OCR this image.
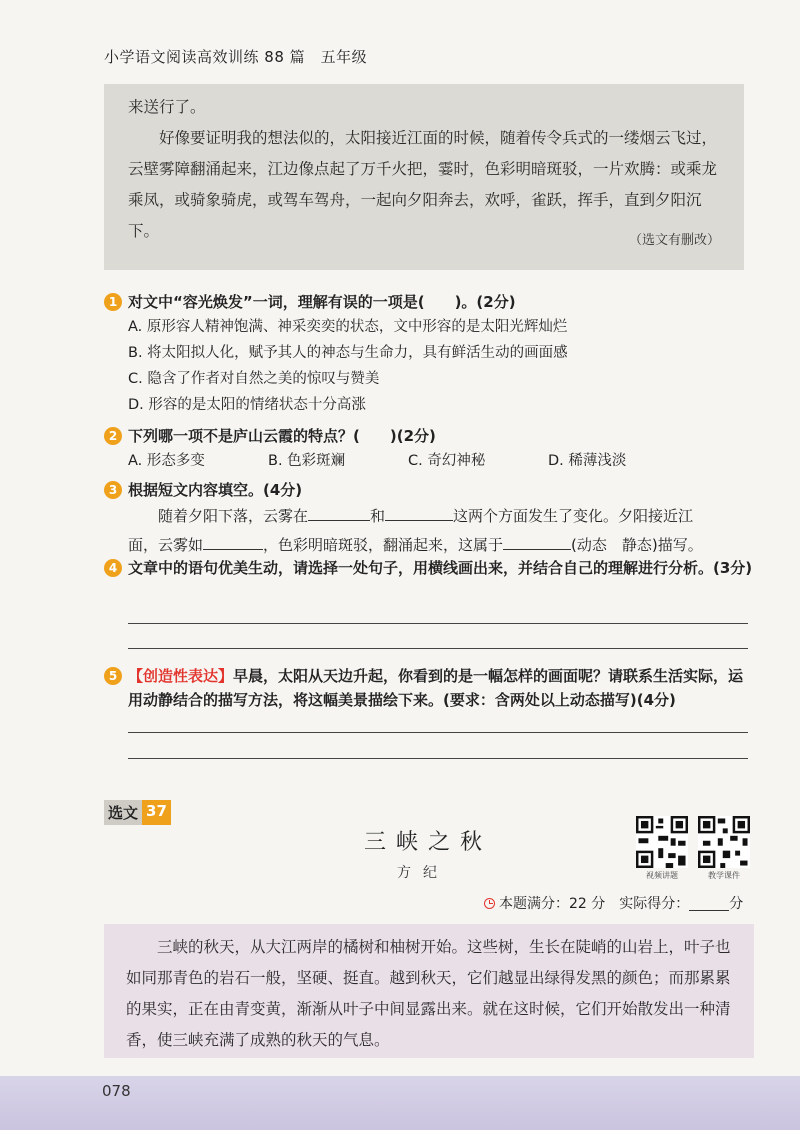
小学语文阅读高效训练 88 篇　五年级

来送行了。

好像要证明我的想法似的，太阳接近江面的时候，随着传令兵式的一缕烟云飞过，云壁雾障翻涌起来，江边像点起了万千火把，霎时，色彩明暗斑驳，一片欢腾：或乘龙乘凤，或骑象骑虎，或驾车驾舟，一起向夕阳奔去，欢呼，雀跃，挥手，直到夕阳沉下。

（选文有删改）
1 对文中“容光焕发”一词，理解有误的一项是(　　)。(2分)
A. 原形容人精神饱满、神采奕奕的状态，文中形容的是太阳光辉灿烂
B. 将太阳拟人化，赋予其人的神态与生命力，具有鲜活生动的画面感
C. 隐含了作者对自然之美的惊叹与赞美
D. 形容的是太阳的情绪状态十分高涨
2 下列哪一项不是庐山云霞的特点？(　　)(2分)
A. 形态多变	B. 色彩斑斓	C. 奇幻神秘	D. 稀薄浅淡
3 根据短文内容填空。(4分)
随着夕阳下落，云雾在	和	这两个方面发生了变化。夕阳接近江
面，云雾如	，色彩明暗斑驳，翻涌起来，这属于	(动态　静态)描写。
4 文章中的语句优美生动，请选择一处句子，用横线画出来，并结合自己的理解进行分析。(3分)
5 【创造性表达】早晨，太阳从天边升起，你看到的是一幅怎样的画面呢？请联系生活实际，运用动静结合的描写方法，将这幅美景描绘下来。(要求：含两处以上动态描写)(4分)
选文 37
三峡之秋
方纪	视频讲题	教学课件
本题满分：22 分　实际得分：	分

三峡的秋天，从大江两岸的橘树和柚树开始。这些树，生长在陡峭的山岩上，叶子也如同那青色的岩石一般，坚硬、挺直。越到秋天，它们越显出绿得发黑的颜色；而那累累的果实，正在由青变黄，渐渐从叶子中间显露出来。就在这时候，它们开始散发出一种清香，使三峡充满了成熟的秋天的气息。

078
